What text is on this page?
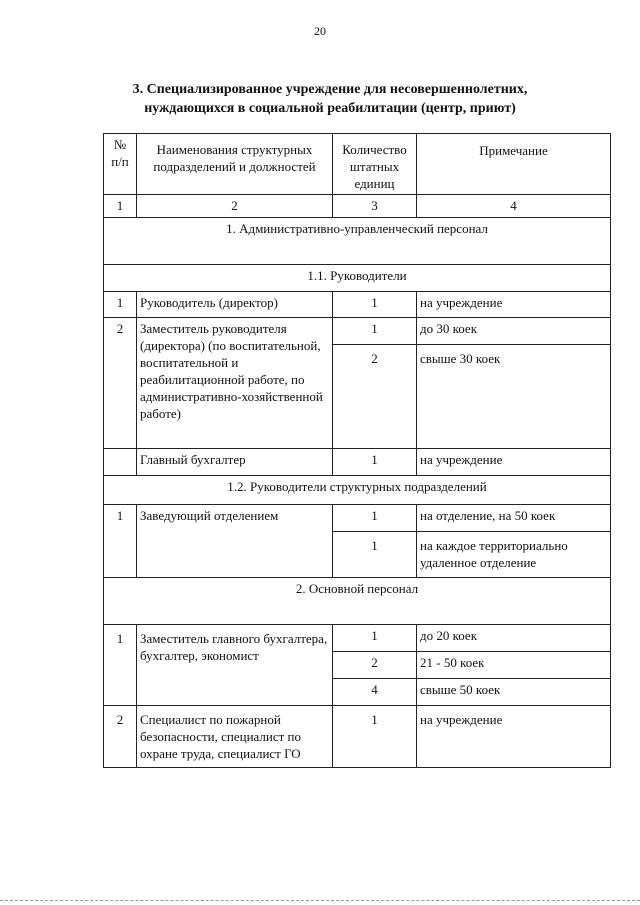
20
3. Специализированное учреждение для несовершеннолетних,
нуждающихся в социальной реабилитации (центр, приют)
№ п/п	Наименования структурных подразделений и должностей	Количество штатных единиц	Примечание
1	2	3	4
1. Административно-управленческий персонал			
1.1. Руководители			
1	Руководитель (директор)	1	на учреждение
2	Заместитель руководителя (директора) (по воспитательной, воспитательной и реабилитационной работе, по административно-хозяйственной работе)	1	до 30 коек
		2	свыше 30 коек
	Главный бухгалтер	1	на учреждение
1.2. Руководители структурных подразделений			
1	Заведующий отделением	1	на отделение, на 50 коек
		1	на каждое территориально удаленное отделение
2. Основной персонал			
1	Заместитель главного бухгалтера, бухгалтер, экономист	1	до 20 коек
		2	21 - 50 коек
		4	свыше 50 коек
2	Специалист по пожарной безопасности, специалист по охране труда, специалист ГО	1	на учреждение
